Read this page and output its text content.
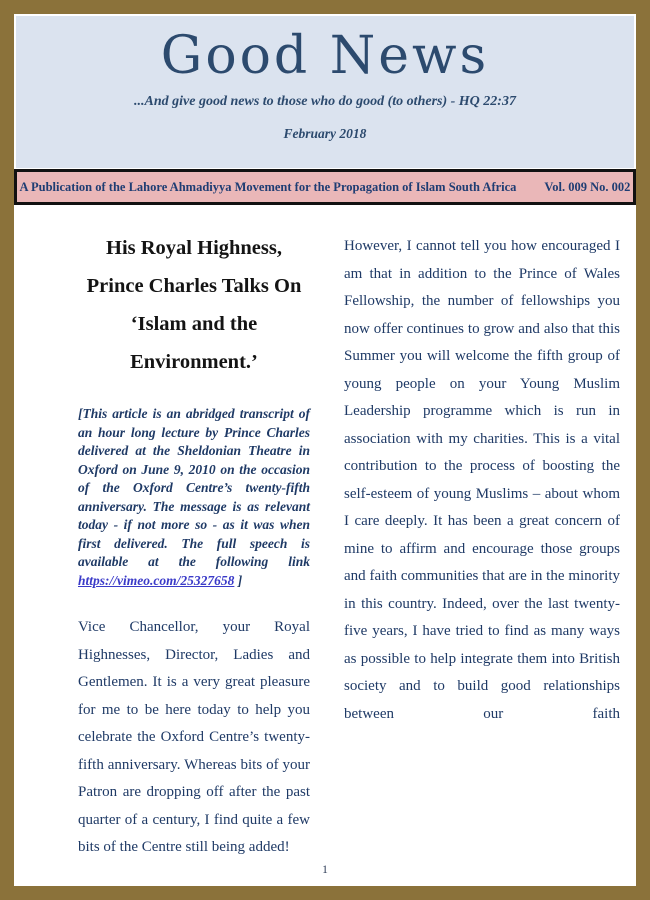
Good News
...And give good news to those who do good (to others) - HQ 22:37
February 2018
A Publication of the Lahore Ahmadiyya Movement for the Propagation of Islam South Africa Vol. 009 No. 002
His Royal Highness, Prince Charles Talks On ‘Islam and the Environment.’

[This article is an abridged transcript of an hour long lecture by Prince Charles delivered at the Sheldonian Theatre in Oxford on June 9, 2010 on the occasion of the Oxford Centre’s twenty-fifth anniversary. The message is as relevant today - if not more so - as it was when first delivered. The full speech is available at the following link https://vimeo.com/25327658 ]

Vice Chancellor, your Royal Highnesses, Director, Ladies and Gentlemen. It is a very great pleasure for me to be here today to help you celebrate the Oxford Centre’s twenty-fifth anniversary. Whereas bits of your Patron are dropping off after the past quarter of a century, I find quite a few bits of the Centre still being added!

However, I cannot tell you how encouraged I am that in addition to the Prince of Wales Fellowship, the number of fellowships you now offer continues to grow and also that this Summer you will welcome the fifth group of young people on your Young Muslim Leadership programme which is run in association with my charities. This is a vital contribution to the process of boosting the self-esteem of young Muslims – about whom I care deeply. It has been a great concern of mine to affirm and encourage those groups and faith communities that are in the minority in this country. Indeed, over the last twenty-five years, I have tried to find as many ways as possible to help integrate them into British society and to build good relationships between our faith

1
